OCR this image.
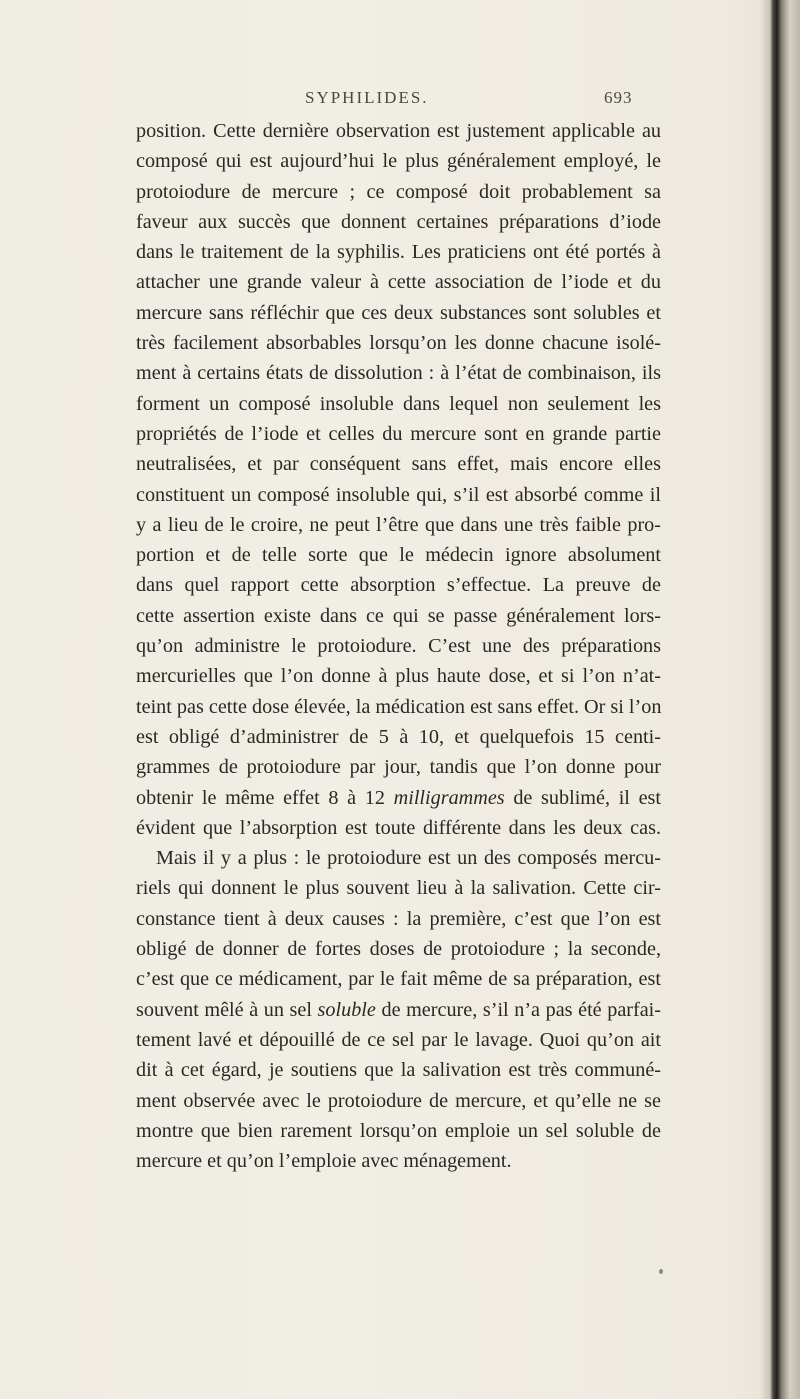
SYPHILIDES.	693
position. Cette dernière observation est justement applicable au
composé qui est aujourd’hui le plus généralement employé, le
protoiodure de mercure ; ce composé doit probablement sa
faveur aux succès que donnent certaines préparations d’iode
dans le traitement de la syphilis. Les praticiens ont été portés à
attacher une grande valeur à cette association de l’iode et du
mercure sans réfléchir que ces deux substances sont solubles et
très facilement absorbables lorsqu’on les donne chacune isolé-
ment à certains états de dissolution : à l’état de combinaison, ils
forment un composé insoluble dans lequel non seulement les
propriétés de l’iode et celles du mercure sont en grande partie
neutralisées, et par conséquent sans effet, mais encore elles
constituent un composé insoluble qui, s’il est absorbé comme il
y a lieu de le croire, ne peut l’être que dans une très faible pro-
portion et de telle sorte que le médecin ignore absolument
dans quel rapport cette absorption s’effectue. La preuve de
cette assertion existe dans ce qui se passe généralement lors-
qu’on administre le protoiodure. C’est une des préparations
mercurielles que l’on donne à plus haute dose, et si l’on n’at-
teint pas cette dose élevée, la médication est sans effet. Or si l’on
est obligé d’administrer de 5 à 10, et quelquefois 15 centi-
grammes de protoiodure par jour, tandis que l’on donne pour
obtenir le même effet 8 à 12 milligrammes de sublimé, il est
évident que l’absorption est toute différente dans les deux cas.
Mais il y a plus : le protoiodure est un des composés mercu-
riels qui donnent le plus souvent lieu à la salivation. Cette cir-
constance tient à deux causes : la première, c’est que l’on est
obligé de donner de fortes doses de protoiodure ; la seconde,
c’est que ce médicament, par le fait même de sa préparation, est
souvent mêlé à un sel soluble de mercure, s’il n’a pas été parfai-
tement lavé et dépouillé de ce sel par le lavage. Quoi qu’on ait
dit à cet égard, je soutiens que la salivation est très communé-
ment observée avec le protoiodure de mercure, et qu’elle ne se
montre que bien rarement lorsqu’on emploie un sel soluble de
mercure et qu’on l’emploie avec ménagement.
